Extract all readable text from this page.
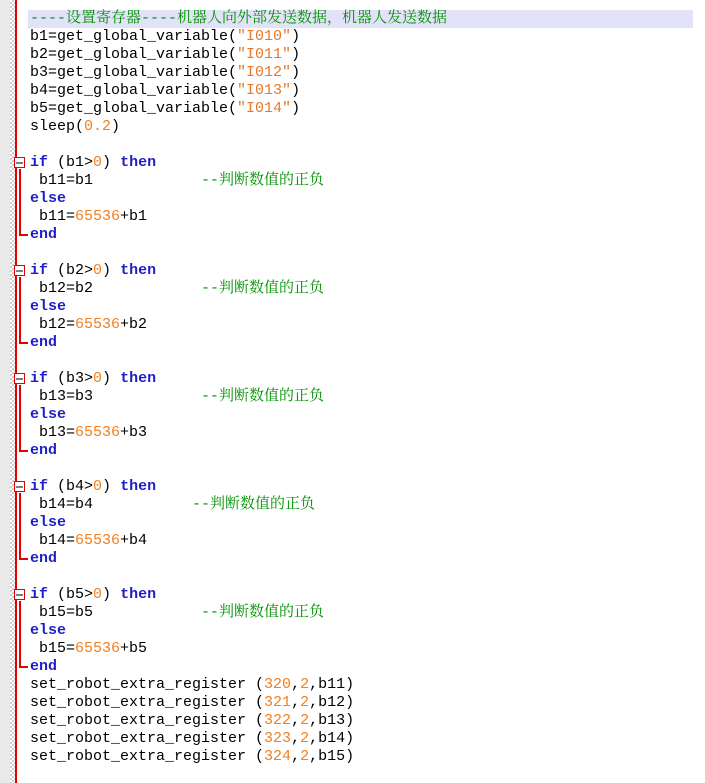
----设置寄存器----机器人向外部发送数据，机器人发送数据
b1=get_global_variable("I010")
b2=get_global_variable("I011")
b3=get_global_variable("I012")
b4=get_global_variable("I013")
b5=get_global_variable("I014")
sleep(0.2)
if (b1>0) then
b11=b1            --判断数值的正负
else
b11=65536+b1
end
if (b2>0) then
b12=b2            --判断数值的正负
else
b12=65536+b2
end
if (b3>0) then
b13=b3            --判断数值的正负
else
b13=65536+b3
end
if (b4>0) then
b14=b4           --判断数值的正负
else
b14=65536+b4
end
if (b5>0) then
b15=b5            --判断数值的正负
else
b15=65536+b5
end
set_robot_extra_register (320,2,b11)
set_robot_extra_register (321,2,b12)
set_robot_extra_register (322,2,b13)
set_robot_extra_register (323,2,b14)
set_robot_extra_register (324,2,b15)
